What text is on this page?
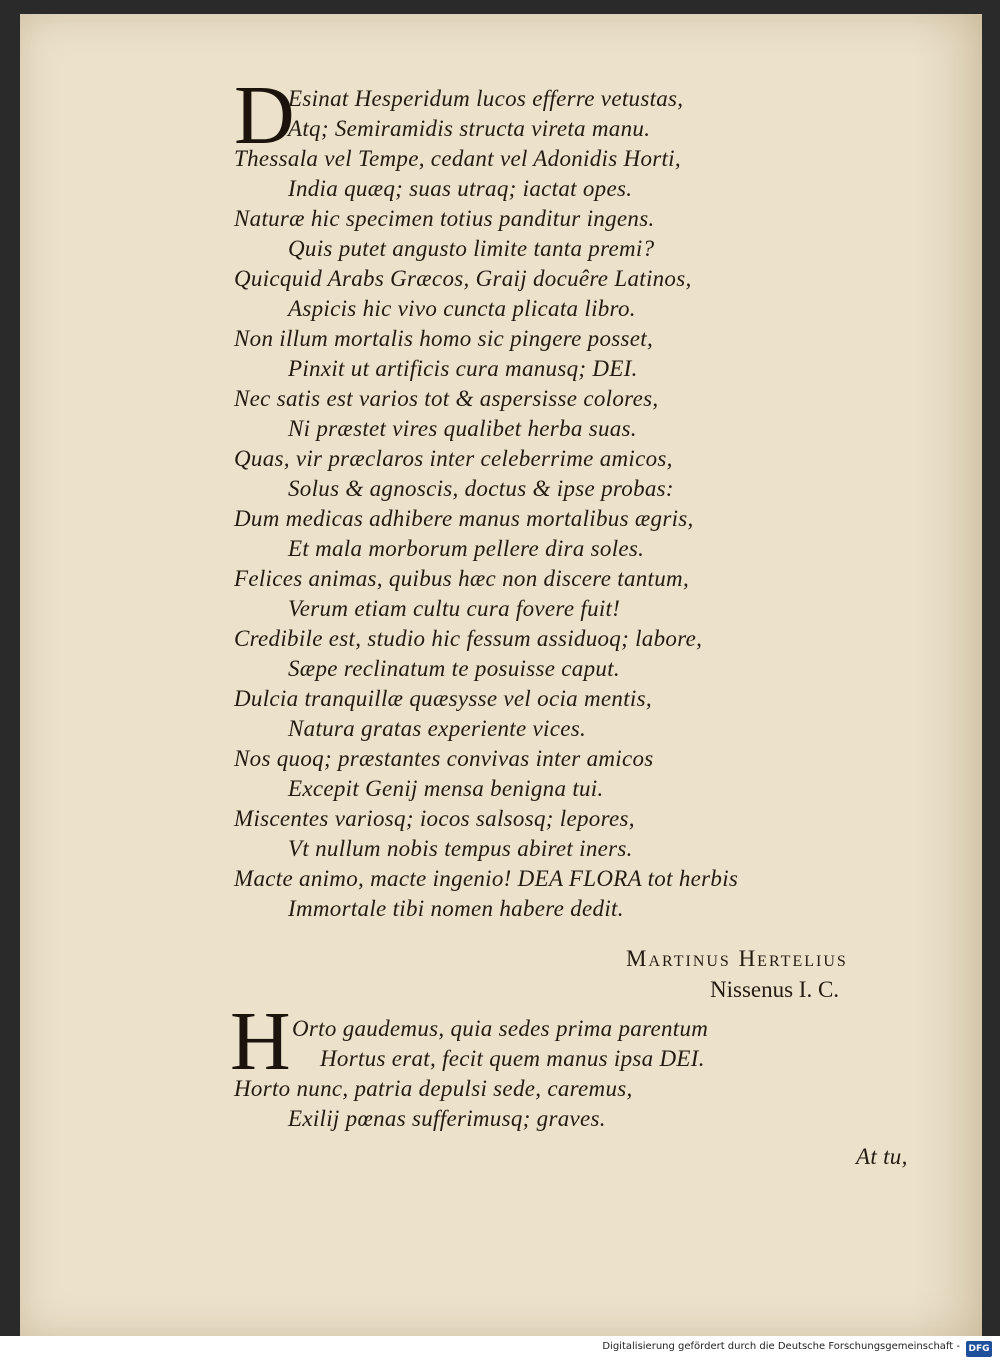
D
Esinat Hesperidum lucos efferre vetustas,
Atq; Semiramidis structa vireta manu.
Thessala vel Tempe, cedant vel Adonidis Horti,
India quæq; suas utraq; iactat opes.
Naturæ hic specimen totius panditur ingens.
Quis putet angusto limite tanta premi?
Quicquid Arabs Græcos, Graij docuêre Latinos,
Aspicis hic vivo cuncta plicata libro.
Non illum mortalis homo sic pingere posset,
Pinxit ut artificis cura manusq; DEI.
Nec satis est varios tot & aspersisse colores,
Ni præstet vires qualibet herba suas.
Quas, vir præclaros inter celeberrime amicos,
Solus & agnoscis, doctus & ipse probas:
Dum medicas adhibere manus mortalibus ægris,
Et mala morborum pellere dira soles.
Felices animas, quibus hæc non discere tantum,
Verum etiam cultu cura fovere fuit!
Credibile est, studio hic fessum assiduoq; labore,
Sæpe reclinatum te posuisse caput.
Dulcia tranquillæ quæsysse vel ocia mentis,
Natura gratas experiente vices.
Nos quoq; præstantes convivas inter amicos
Excepit Genij mensa benigna tui.
Miscentes variosq; iocos salsosq; lepores,
Vt nullum nobis tempus abiret iners.
Macte animo, macte ingenio! DEA FLORA tot herbis
Immortale tibi nomen habere dedit.
Martinus Hertelius
Nissenus I. C.
H Orto gaudemus, quia sedes prima parentum
Hortus erat, fecit quem manus ipsa DEI.
Horto nunc, patria depulsi sede, caremus,
Exilij pœnas sufferimusq; graves.
At tu,
Digitalisierung gefördert durch die Deutsche Forschungsgemeinschaft - DFG
